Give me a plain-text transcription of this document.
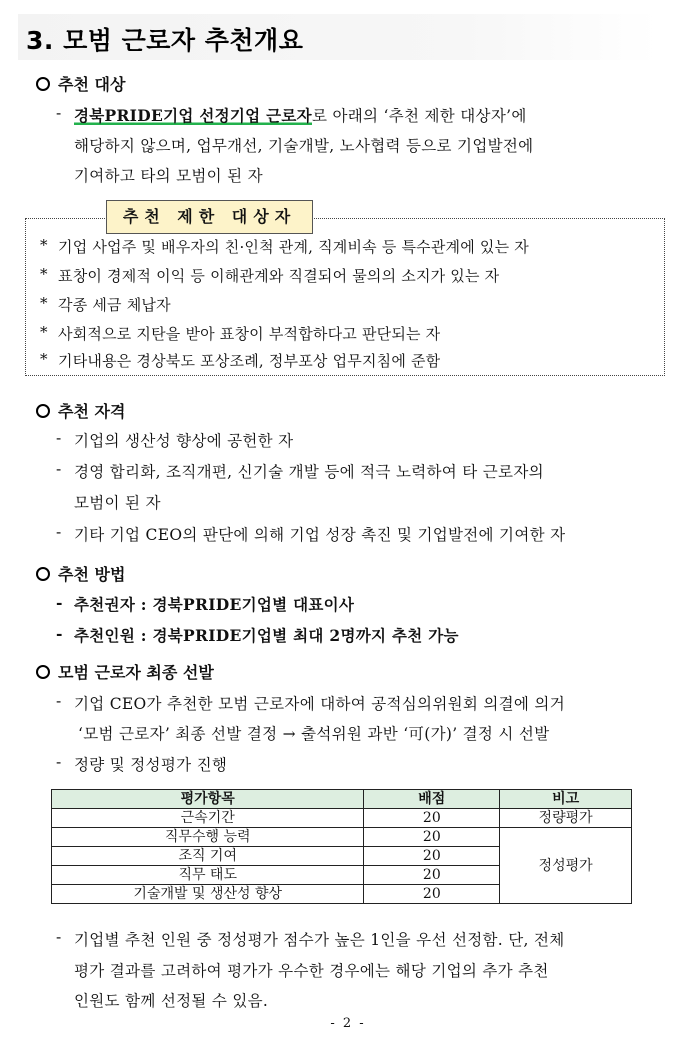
3. 모범 근로자 추천개요
추천 대상
- 경북PRIDE기업 선정기업 근로자로 아래의 ‘추천 제한 대상자’에
해당하지 않으며, 업무개선, 기술개발, 노사협력 등으로 기업발전에
기여하고 타의 모범이 된 자
추천 제한 대상자
* 기업 사업주 및 배우자의 친·인척 관계, 직계비속 등 특수관계에 있는 자
* 표창이 경제적 이익 등 이해관계와 직결되어 물의의 소지가 있는 자
* 각종 세금 체납자
* 사회적으로 지탄을 받아 표창이 부적합하다고 판단되는 자
* 기타내용은 경상북도 포상조례, 정부포상 업무지침에 준함
추천 자격
- 기업의 생산성 향상에 공헌한 자
- 경영 합리화, 조직개편, 신기술 개발 등에 적극 노력하여 타 근로자의
모범이 된 자
- 기타 기업 CEO의 판단에 의해 기업 성장 촉진 및 기업발전에 기여한 자
추천 방법
- 추천권자 : 경북PRIDE기업별 대표이사
- 추천인원 : 경북PRIDE기업별 최대 2명까지 추천 가능
모범 근로자 최종 선발
- 기업 CEO가 추천한 모범 근로자에 대하여 공적심의위원회 의결에 의거
‘모범 근로자’ 최종 선발 결정 → 출석위원 과반 ‘可(가)’ 결정 시 선발
- 정량 및 정성평가 진행
평가항목	배점	비고
근속기간	20	정량평가
직무수행 능력	20	정성평가
조직 기여	20	
직무 태도	20	
기술개발 및 생산성 향상	20	
- 기업별 추천 인원 중 정성평가 점수가 높은 1인을 우선 선정함. 단, 전체
평가 결과를 고려하여 평가가 우수한 경우에는 해당 기업의 추가 추천
인원도 함께 선정될 수 있음.
- 2 -
